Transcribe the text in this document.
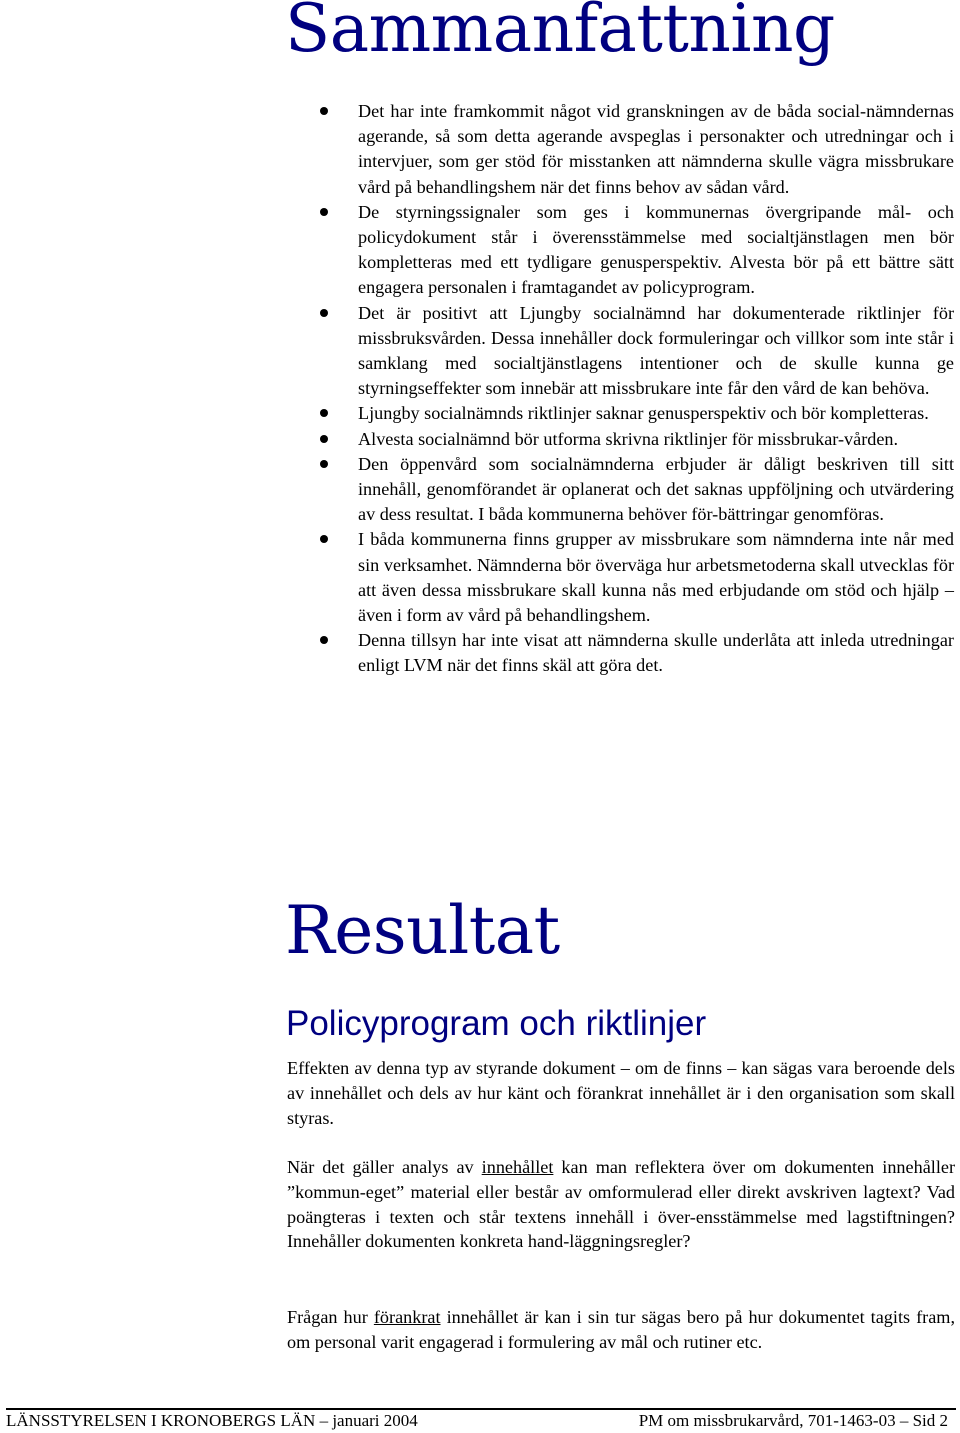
Sammanfattning
Det har inte framkommit något vid granskningen av de båda social-nämndernas agerande, så som detta agerande avspeglas i personakter och utredningar och i intervjuer, som ger stöd för misstanken att nämnderna skulle vägra missbrukare vård på behandlingshem när det finns behov av sådan vård.
De styrningssignaler som ges i kommunernas övergripande mål- och policydokument står i överensstämmelse med socialtjänstlagen men bör kompletteras med ett tydligare genusperspektiv. Alvesta bör på ett bättre sätt engagera personalen i framtagandet av policyprogram.
Det är positivt att Ljungby socialnämnd har dokumenterade riktlinjer för missbruksvården. Dessa innehåller dock formuleringar och villkor som inte står i samklang med socialtjänstlagens intentioner och de skulle kunna ge styrningseffekter som innebär att missbrukare inte får den vård de kan behöva.
Ljungby socialnämnds riktlinjer saknar genusperspektiv och bör kompletteras.
Alvesta socialnämnd bör utforma skrivna riktlinjer för missbrukar-vården.
Den öppenvård som socialnämnderna erbjuder är dåligt beskriven till sitt innehåll, genomförandet är oplanerat och det saknas uppföljning och utvärdering av dess resultat. I båda kommunerna behöver för-bättringar genomföras.
I båda kommunerna finns grupper av missbrukare som nämnderna inte når med sin verksamhet. Nämnderna bör överväga hur arbetsmetoderna skall utvecklas för att även dessa missbrukare skall kunna nås med erbjudande om stöd och hjälp – även i form av vård på behandlingshem.
Denna tillsyn har inte visat att nämnderna skulle underlåta att inleda utredningar enligt LVM när det finns skäl att göra det.
Resultat
Policyprogram och riktlinjer

Effekten av denna typ av styrande dokument – om de finns – kan sägas vara beroende dels av innehållet och dels av hur känt och förankrat innehållet är i den organisation som skall styras.

När det gäller analys av innehållet kan man reflektera över om dokumenten innehåller ”kommun-eget” material eller består av omformulerad eller direkt avskriven lagtext? Vad poängteras i texten och står textens innehåll i över-ensstämmelse med lagstiftningen? Innehåller dokumenten konkreta hand-läggningsregler?

Frågan hur förankrat innehållet är kan i sin tur sägas bero på hur dokumentet tagits fram, om personal varit engagerad i formulering av mål och rutiner etc.

LÄNSSTYRELSEN I KRONOBERGS LÄN – januari 2004	PM om missbrukarvård, 701-1463-03 – Sid 2
